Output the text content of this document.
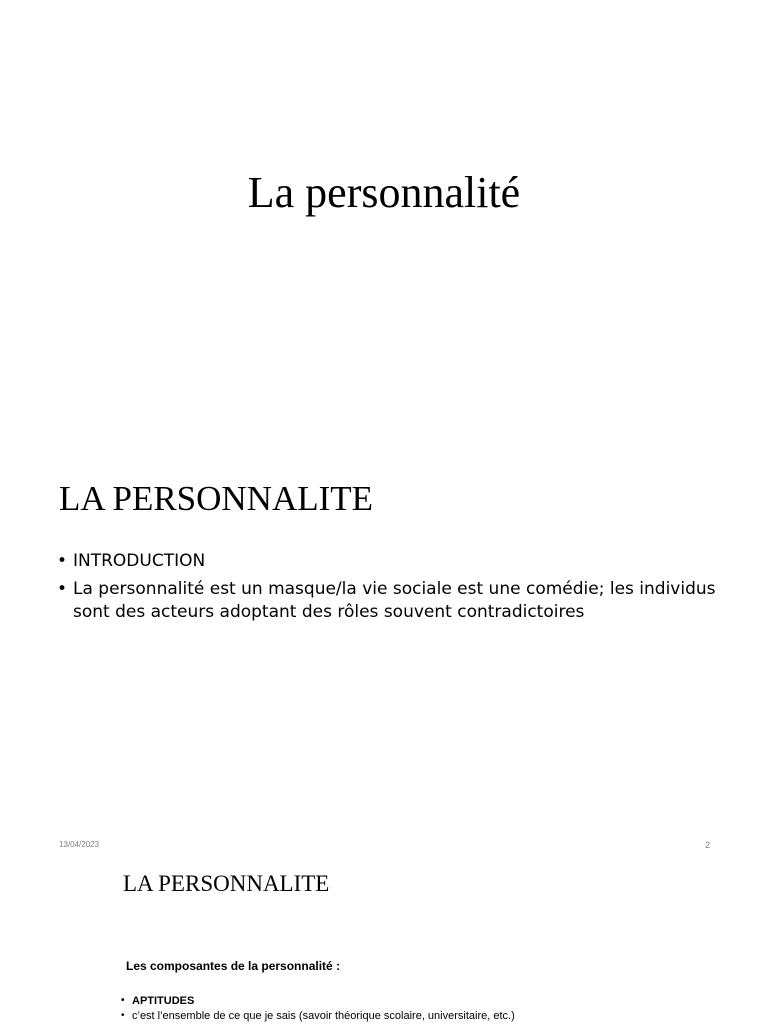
La personnalité
LA PERSONNALITE
• INTRODUCTION
• La personnalité est un masque/la vie sociale est une comédie; les individus sont des acteurs adoptant des rôles souvent contradictoires
13/04/2023	2
LA PERSONNALITE
Les composantes de la personnalité :
• APTITUDES
• c’est l’ensemble de ce que je sais (savoir théorique scolaire, universitaire, etc.)
